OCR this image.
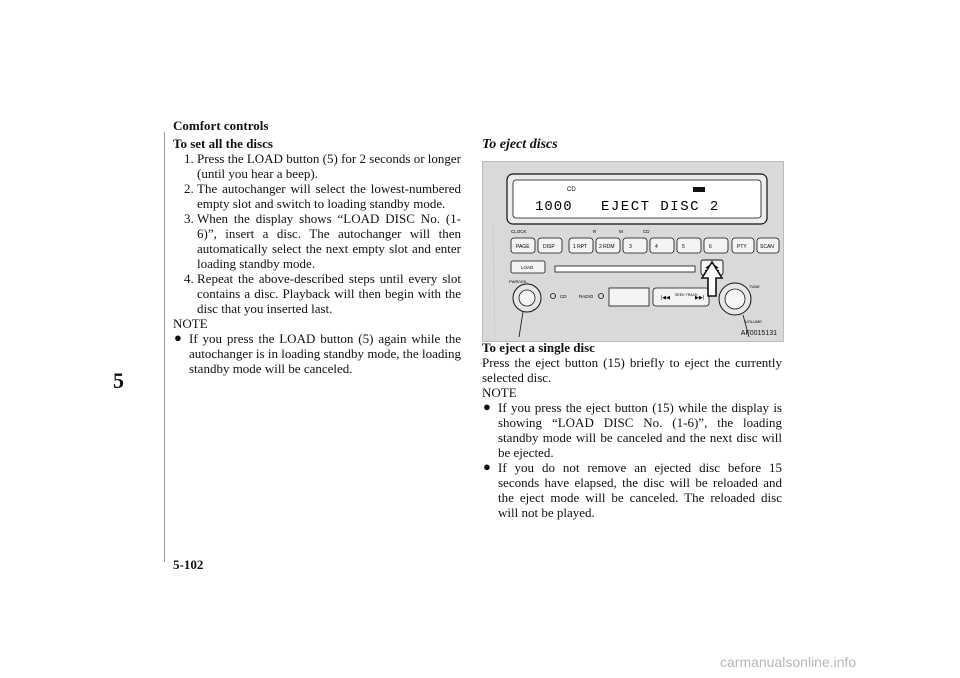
Comfort controls
5
5-102
carmanualsonline.info

To set all the discs

1. Press the LOAD button (5) for 2 seconds or longer (until you hear a beep).
2. The autochanger will select the lowest-numbered empty slot and switch to loading standby mode.
3. When the display shows “LOAD DISC No. (1-6)”, insert a disc. The autochanger will then automatically select the next empty slot and enter loading standby mode.
4. Repeat the above-described steps until every slot contains a disc. Playback will then begin with the disc that you inserted last.

NOTE

● If you press the LOAD button (5) again while the autochanger is in loading standby mode, the loading standby mode will be canceled.
To eject discs
CD
1000 EJECT DISC 2
CLOCK	R	M	CD
PAGE	DISP	1 RPT 2 RDM	3	4	5	6	PTY	SCAN
LOAD
PWR/VOL
CD	RADIO	|◀◀ SEEK TRACK
▶▶|
TUNE
VOLUME
AF0015131

To eject a single disc

Press the eject button (15) briefly to eject the currently selected disc.

NOTE

● If you press the eject button (15) while the display is showing “LOAD DISC No. (1-6)”, the loading standby mode will be canceled and the next disc will be ejected.
● If you do not remove an ejected disc before 15 seconds have elapsed, the disc will be reloaded and the eject mode will be canceled. The reloaded disc will not be played.
